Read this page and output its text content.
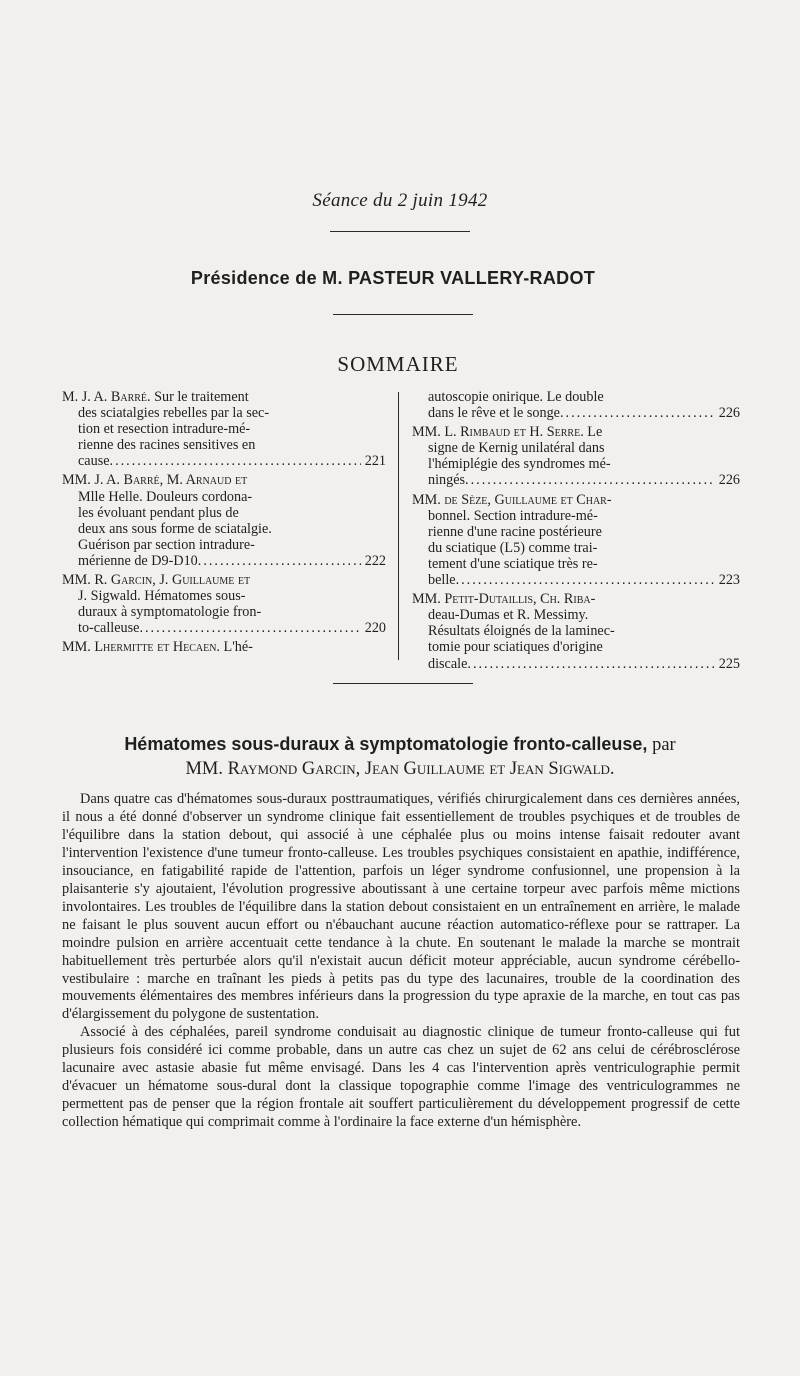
Séance du 2 juin 1942
Présidence de M. PASTEUR VALLERY-RADOT
SOMMAIRE
M. J. A. Barré. Sur le traitement
des sciatalgies rebelles par la sec-
tion et resection intradure-mé-
rienne des racines sensitives en
cause .....	221
MM. J. A. Barré, M. Arnaud et
Mlle Helle. Douleurs cordona-
les évoluant pendant plus de
deux ans sous forme de sciatalgie.
Guérison par section intradure-
mérienne de D9-D10 .....	222
MM. R. Garcin, J. Guillaume et
J. Sigwald. Hématomes sous-
duraux à symptomatologie fron-
to-calleuse .....	220
MM. Lhermitte et Hecaen. L'hé-
autoscopie onirique. Le double
dans le rêve et le songe .....	226
MM. L. Rimbaud et H. Serre. Le
signe de Kernig unilatéral dans
l'hémiplégie des syndromes mé-
ningés .....	226
MM. de Sèze, Guillaume et Char-
bonnel. Section intradure-mé-
rienne d'une racine postérieure
du sciatique (L5) comme trai-
tement d'une sciatique très re-
belle .....	223
MM. Petit-Dutaillis, Ch. Riba-
deau-Dumas et R. Messimy.
Résultats éloignés de la laminec-
tomie pour sciatiques d'origine
discale .....	225
Hématomes sous-duraux à symptomatologie fronto-calleuse, par
MM. Raymond Garcin, Jean Guillaume et Jean Sigwald.

Dans quatre cas d'hématomes sous-duraux posttraumatiques, vérifiés chirurgicalement dans ces dernières années, il nous a été donné d'observer un syndrome clinique fait essentiellement de troubles psychiques et de troubles de l'équilibre dans la station debout, qui associé à une céphalée plus ou moins intense faisait redouter avant l'intervention l'existence d'une tumeur fronto-calleuse. Les troubles psychiques consistaient en apathie, indifférence, insouciance, en fatigabilité rapide de l'attention, parfois un léger syndrome confusionnel, une propension à la plaisanterie s'y ajoutaient, l'évolution progressive aboutissant à une certaine torpeur avec parfois même mictions involontaires. Les troubles de l'équilibre dans la station debout consistaient en un entraînement en arrière, le malade ne faisant le plus souvent aucun effort ou n'ébauchant aucune réaction automatico-réflexe pour se rattraper. La moindre pulsion en arrière accentuait cette tendance à la chute. En soutenant le malade la marche se montrait habituellement très perturbée alors qu'il n'existait aucun déficit moteur appréciable, aucun syndrome cérébello-vestibulaire : marche en traînant les pieds à petits pas du type des lacunaires, trouble de la coordination des mouvements élémentaires des membres inférieurs dans la progression du type apraxie de la marche, en tout cas pas d'élargissement du polygone de sustentation.

Associé à des céphalées, pareil syndrome conduisait au diagnostic clinique de tumeur fronto-calleuse qui fut plusieurs fois considéré ici comme probable, dans un autre cas chez un sujet de 62 ans celui de cérébrosclérose lacunaire avec astasie abasie fut même envisagé. Dans les 4 cas l'intervention après ventriculographie permit d'évacuer un hématome sous-dural dont la classique topographie comme l'image des ventriculogrammes ne permettent pas de penser que la région frontale ait souffert particulièrement du développement progressif de cette collection hématique qui comprimait comme à l'ordinaire la face externe d'un hémisphère.
